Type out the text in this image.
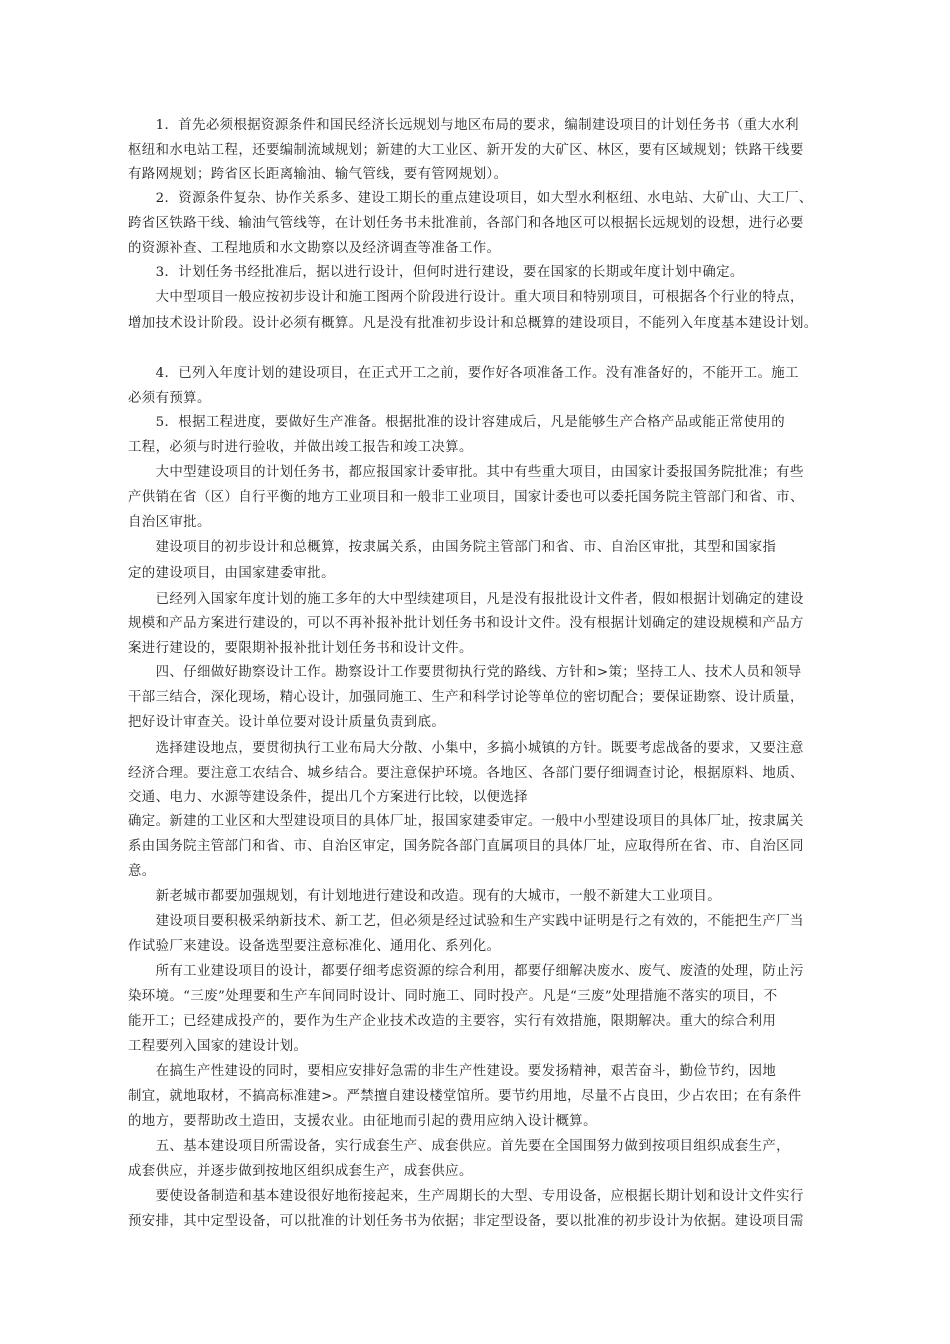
　　1．首先必须根据资源条件和国民经济长远规划与地区布局的要求，编制建设项目的计划任务书（重大水利
枢纽和水电站工程，还要编制流域规划；新建的大工业区、新开发的大矿区、林区，要有区域规划；铁路干线要
有路网规划；跨省区长距离输油、输气管线，要有管网规划）。
　　2．资源条件复杂、协作关系多、建设工期长的重点建设项目，如大型水利枢纽、水电站、大矿山、大工厂、
跨省区铁路干线、输油气管线等，在计划任务书未批准前，各部门和各地区可以根据长远规划的设想，进行必要
的资源补查、工程地质和水文勘察以及经济调查等准备工作。
　　3．计划任务书经批准后，据以进行设计，但何时进行建设，要在国家的长期或年度计划中确定。
　　大中型项目一般应按初步设计和施工图两个阶段进行设计。重大项目和特别项目，可根据各个行业的特点，
增加技术设计阶段。设计必须有概算。凡是没有批准初步设计和总概算的建设项目，不能列入年度基本建设计划。
　　4．已列入年度计划的建设项目，在正式开工之前，要作好各项准备工作。没有准备好的，不能开工。施工
必须有预算。
　　5．根据工程进度，要做好生产准备。根据批准的设计容建成后，凡是能够生产合格产品或能正常使用的
工程，必须与时进行验收，并做出竣工报告和竣工决算。
　　大中型建设项目的计划任务书，都应报国家计委审批。其中有些重大项目，由国家计委报国务院批准；有些
产供销在省（区）自行平衡的地方工业项目和一般非工业项目，国家计委也可以委托国务院主管部门和省、市、
自治区审批。
　　建设项目的初步设计和总概算，按隶属关系，由国务院主管部门和省、市、自治区审批，其型和国家指
定的建设项目，由国家建委审批。
　　已经列入国家年度计划的施工多年的大中型续建项目，凡是没有报批设计文件者，假如根据计划确定的建设
规模和产品方案进行建设的，可以不再补报补批计划任务书和设计文件。没有根据计划确定的建设规模和产品方
案进行建设的，要限期补报补批计划任务书和设计文件。
　　四、仔细做好勘察设计工作。勘察设计工作要贯彻执行党的路线、方针和>策；坚持工人、技术人员和领导
干部三结合，深化现场，精心设计，加强同施工、生产和科学讨论等单位的密切配合；要保证勘察、设计质量，
把好设计审查关。设计单位要对设计质量负责到底。
　　选择建设地点，要贯彻执行工业布局大分散、小集中，多搞小城镇的方针。既要考虑战备的要求，又要注意
经济合理。要注意工农结合、城乡结合。要注意保护环境。各地区、各部门要仔细调查讨论，根据原料、地质、
交通、电力、水源等建设条件，提出几个方案进行比较，以便选择
确定。新建的工业区和大型建设项目的具体厂址，报国家建委审定。一般中小型建设项目的具体厂址，按隶属关
系由国务院主管部门和省、市、自治区审定，国务院各部门直属项目的具体厂址，应取得所在省、市、自治区同
意。
　　新老城市都要加强规划，有计划地进行建设和改造。现有的大城市，一般不新建大工业项目。
　　建设项目要积极采纳新技术、新工艺，但必须是经过试验和生产实践中证明是行之有效的，不能把生产厂当
作试验厂来建设。设备选型要注意标准化、通用化、系列化。
　　所有工业建设项目的设计，都要仔细考虑资源的综合利用，都要仔细解决废水、废气、废渣的处理，防止污
染环境。“三废”处理要和生产车间同时设计、同时施工、同时投产。凡是“三废”处理措施不落实的项目，不
能开工；已经建成投产的，要作为生产企业技术改造的主要容，实行有效措施，限期解决。重大的综合利用
工程要列入国家的建设计划。
　　在搞生产性建设的同时，要相应安排好急需的非生产性建设。要发扬精神，艰苦奋斗，勤俭节约，因地
制宜，就地取材，不搞高标准建>。严禁擅自建设楼堂馆所。要节约用地，尽量不占良田，少占农田；在有条件
的地方，要帮助改土造田，支援农业。由征地而引起的费用应纳入设计概算。
　　五、基本建设项目所需设备，实行成套生产、成套供应。首先要在全国围努力做到按项目组织成套生产，
成套供应，并逐步做到按地区组织成套生产，成套供应。
　　要使设备制造和基本建设很好地衔接起来，生产周期长的大型、专用设备，应根据长期计划和设计文件实行
预安排，其中定型设备，可以批准的计划任务书为依据；非定型设备，要以批准的初步设计为依据。建设项目需
